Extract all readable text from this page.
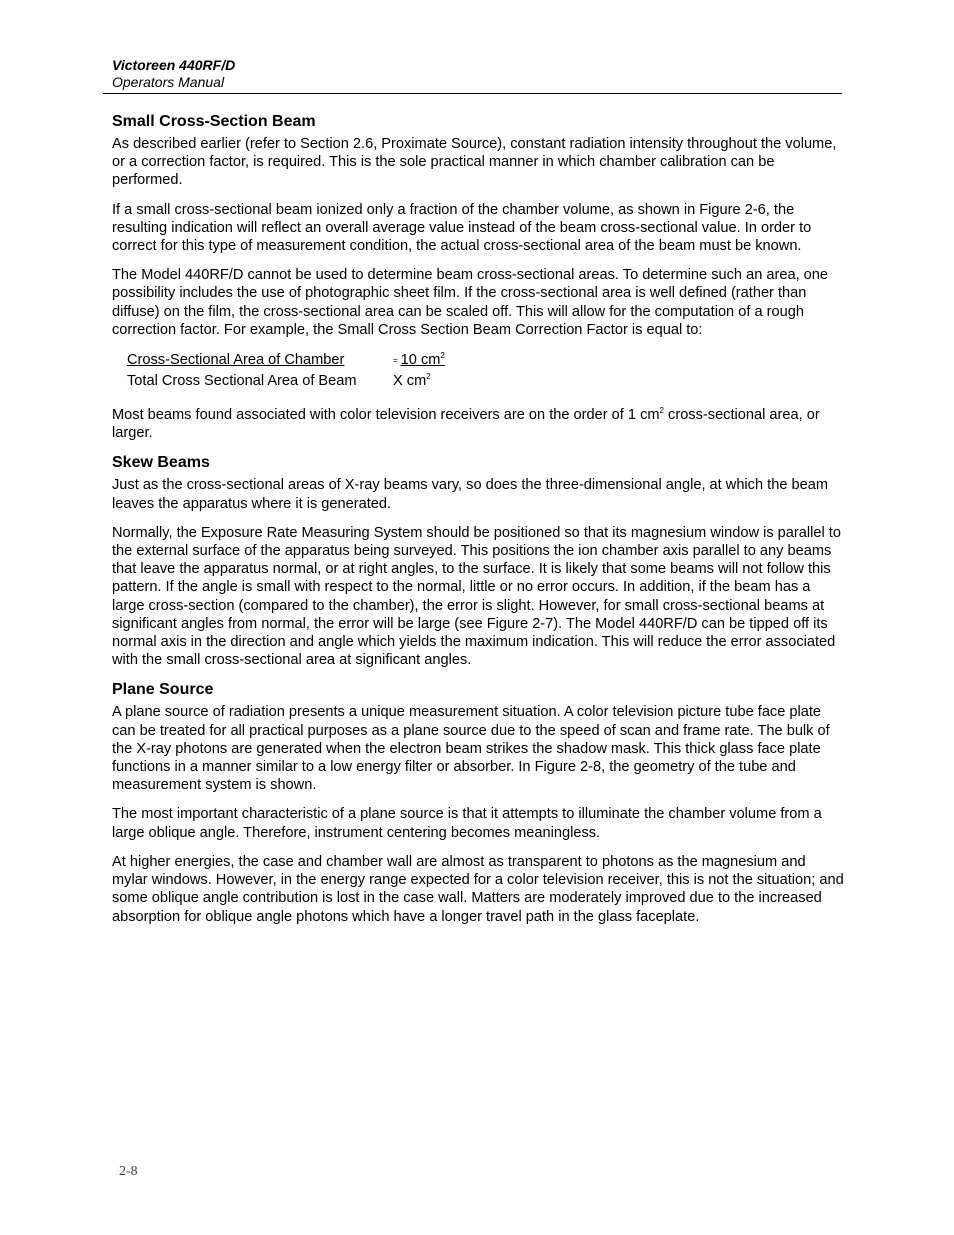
Victoreen 440RF/D
Operators Manual
Small Cross-Section Beam

As described earlier (refer to Section 2.6, Proximate Source), constant radiation intensity throughout the volume, or a correction factor, is required. This is the sole practical manner in which chamber calibration can be performed.

If a small cross-sectional beam ionized only a fraction of the chamber volume, as shown in Figure 2-6, the resulting indication will reflect an overall average value instead of the beam cross-sectional value. In order to correct for this type of measurement condition, the actual cross-sectional area of the beam must be known.

The Model 440RF/D cannot be used to determine beam cross-sectional areas. To determine such an area, one possibility includes the use of photographic sheet film. If the cross-sectional area is well defined (rather than diffuse) on the film, the cross-sectional area can be scaled off. This will allow for the computation of a rough correction factor. For example, the Small Cross Section Beam Correction Factor is equal to:

Cross-Sectional Area of Chamber	= 10 $cm^2$
Total Cross Sectional Area of Beam	X $cm^2$

Most beams found associated with color television receivers are on the order of 1 $cm^2$ cross-sectional area, or larger.

Skew Beams

Just as the cross-sectional areas of X-ray beams vary, so does the three-dimensional angle, at which the beam leaves the apparatus where it is generated.

Normally, the Exposure Rate Measuring System should be positioned so that its magnesium window is parallel to the external surface of the apparatus being surveyed. This positions the ion chamber axis parallel to any beams that leave the apparatus normal, or at right angles, to the surface. It is likely that some beams will not follow this pattern. If the angle is small with respect to the normal, little or no error occurs. In addition, if the beam has a large cross-section (compared to the chamber), the error is slight. However, for small cross-sectional beams at significant angles from normal, the error will be large (see Figure 2-7). The Model 440RF/D can be tipped off its normal axis in the direction and angle which yields the maximum indication. This will reduce the error associated with the small cross-sectional area at significant angles.

Plane Source

A plane source of radiation presents a unique measurement situation. A color television picture tube face plate can be treated for all practical purposes as a plane source due to the speed of scan and frame rate. The bulk of the X-ray photons are generated when the electron beam strikes the shadow mask. This thick glass face plate functions in a manner similar to a low energy filter or absorber. In Figure 2-8, the geometry of the tube and measurement system is shown.

The most important characteristic of a plane source is that it attempts to illuminate the chamber volume from a large oblique angle. Therefore, instrument centering becomes meaningless.

At higher energies, the case and chamber wall are almost as transparent to photons as the magnesium and mylar windows. However, in the energy range expected for a color television receiver, this is not the situation; and some oblique angle contribution is lost in the case wall. Matters are moderately improved due to the increased absorption for oblique angle photons which have a longer travel path in the glass faceplate.

2-8
